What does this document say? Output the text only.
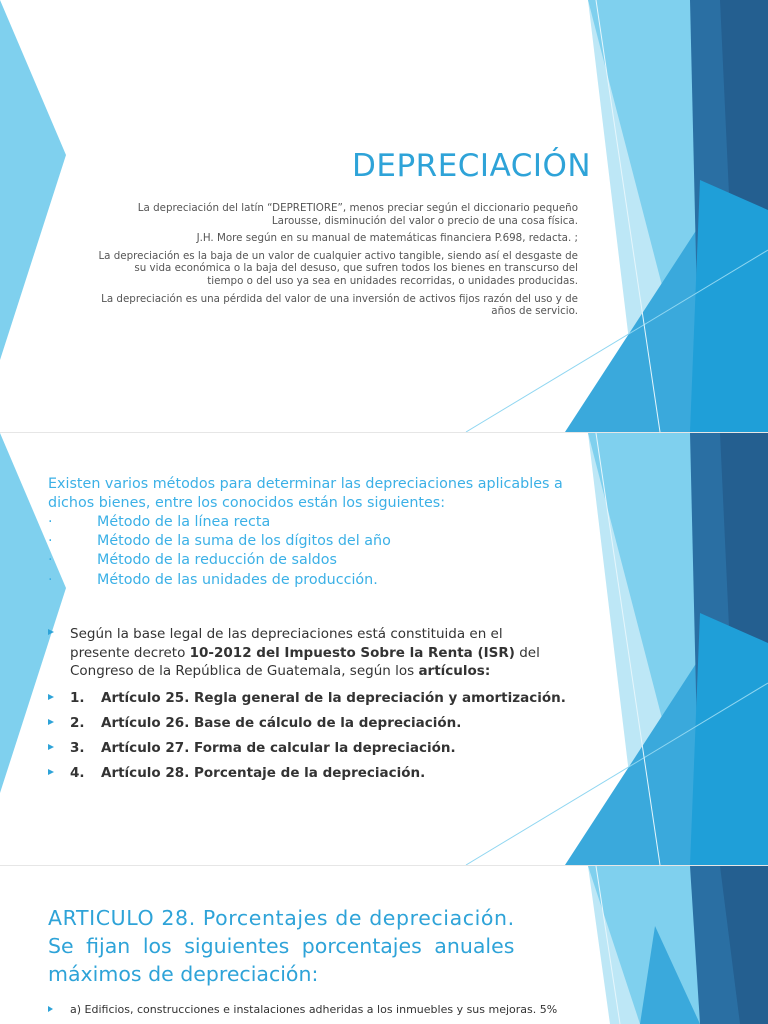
DEPRECIACIÓN

La depreciación del latín “DEPRETIORE”, menos preciar según el diccionario pequeño Larousse, disminución del valor o precio de una cosa física.

J.H. More según en su manual de matemáticas financiera P.698, redacta. ;

La depreciación es la baja de un valor de cualquier activo tangible, siendo así el desgaste de su vida económica o la baja del desuso, que sufren todos los bienes en transcurso del tiempo o del uso ya sea en unidades recorridas, o unidades producidas.

La depreciación es una pérdida del valor de una inversión de activos fijos razón del uso y de años de servicio.

Existen varios métodos para determinar las depreciaciones aplicables a
dichos bienes, entre los conocidos están los siguientes:
·	Método de la línea recta
·	Método de la suma de los dígitos del año
·	Método de la reducción de saldos
·	Método de las unidades de producción.
Según la base legal de las depreciaciones está constituida en el presente decreto 10-2012 del Impuesto Sobre la Renta (ISR) del Congreso de la República de Guatemala, según los artículos:
1. Artículo 25. Regla general de la depreciación y amortización.
2. Artículo 26. Base de cálculo de la depreciación.
3. Artículo 27. Forma de calcular la depreciación.
4. Artículo 28. Porcentaje de la depreciación.
ARTICULO 28. Porcentajes de depreciación.
Se fijan los siguientes porcentajes anuales
máximos de depreciación:
a) Edificios, construcciones e instalaciones adheridas a los inmuebles y sus mejoras. 5%
